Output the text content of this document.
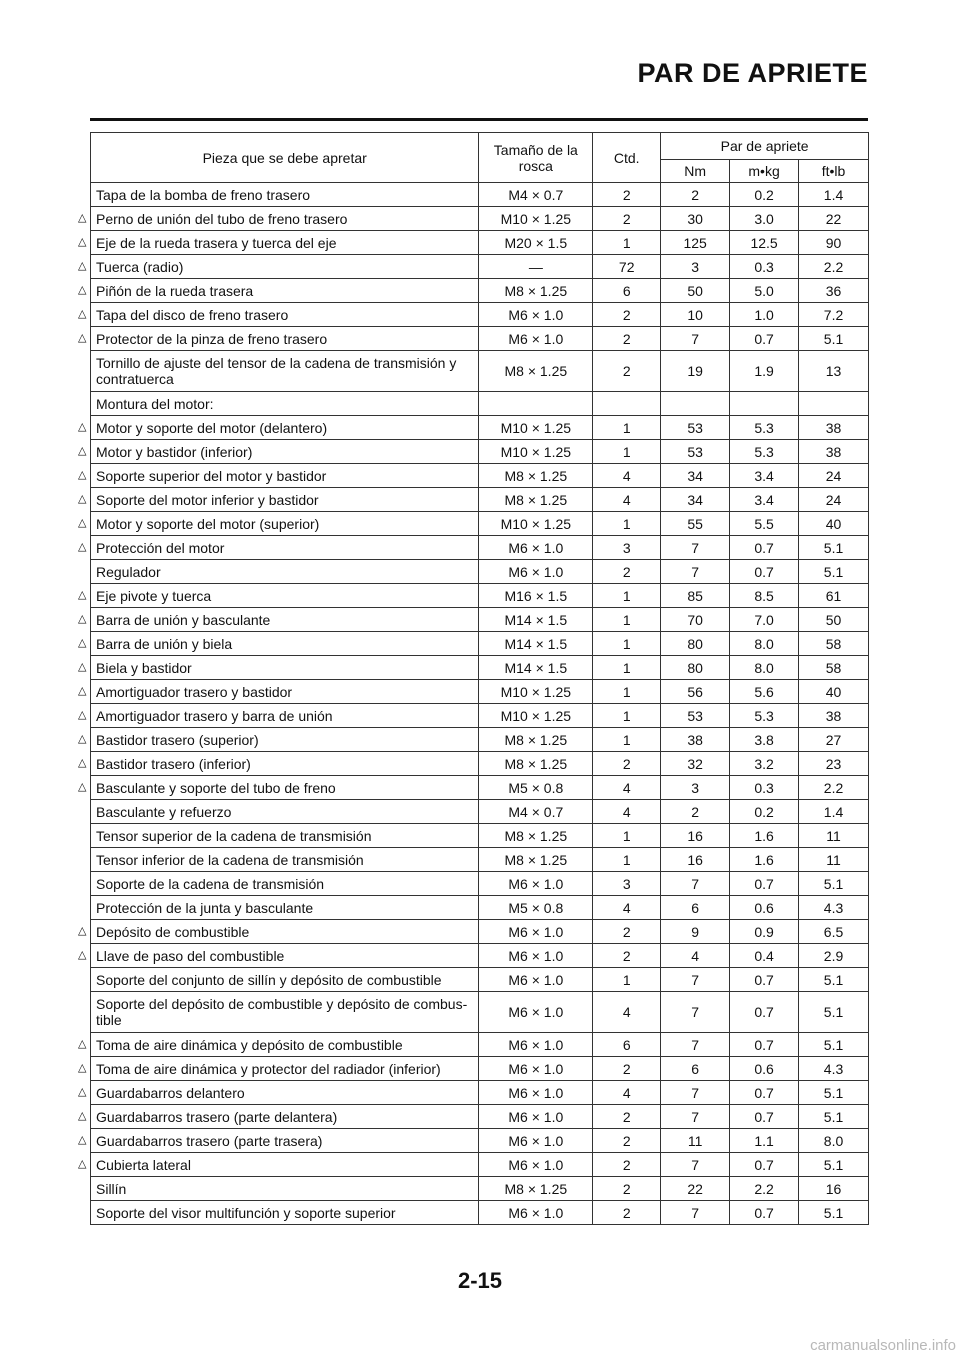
PAR DE APRIETE
Pieza que se debe apretar	Tamaño de la rosca	Ctd.	Par de apriete		
			Nm	m•kg	ft•lb
Tapa de la bomba de freno trasero	M4 × 0.7	2	2	0.2	1.4

△ Perno de unión del tubo de freno trasero	M10 × 1.25	2	30	3.0	22

△ Eje de la rueda trasera y tuerca del eje	M20 × 1.5	1	125	12.5	90

△ Tuerca (radio)	—	72	3	0.3	2.2

△ Piñón de la rueda trasera	M8 × 1.25	6	50	5.0	36

△ Tapa del disco de freno trasero	M6 × 1.0	2	10	1.0	7.2

△ Protector de la pinza de freno trasero	M6 × 1.0	2	7	0.7	5.1
Tornillo de ajuste del tensor de la cadena de transmisión y contratuerca	M8 × 1.25	2	19	1.9	13
Montura del motor:					

△ Motor y soporte del motor (delantero)	M10 × 1.25	1	53	5.3	38

△ Motor y bastidor (inferior)	M10 × 1.25	1	53	5.3	38

△ Soporte superior del motor y bastidor	M8 × 1.25	4	34	3.4	24

△ Soporte del motor inferior y bastidor	M8 × 1.25	4	34	3.4	24

△ Motor y soporte del motor (superior)	M10 × 1.25	1	55	5.5	40

△ Protección del motor	M6 × 1.0	3	7	0.7	5.1
Regulador	M6 × 1.0	2	7	0.7	5.1

△ Eje pivote y tuerca	M16 × 1.5	1	85	8.5	61

△ Barra de unión y basculante	M14 × 1.5	1	70	7.0	50

△ Barra de unión y biela	M14 × 1.5	1	80	8.0	58

△ Biela y bastidor	M14 × 1.5	1	80	8.0	58

△ Amortiguador trasero y bastidor	M10 × 1.25	1	56	5.6	40

△ Amortiguador trasero y barra de unión	M10 × 1.25	1	53	5.3	38

△ Bastidor trasero (superior)	M8 × 1.25	1	38	3.8	27

△ Bastidor trasero (inferior)	M8 × 1.25	2	32	3.2	23

△ Basculante y soporte del tubo de freno	M5 × 0.8	4	3	0.3	2.2
Basculante y refuerzo	M4 × 0.7	4	2	0.2	1.4
Tensor superior de la cadena de transmisión	M8 × 1.25	1	16	1.6	11
Tensor inferior de la cadena de transmisión	M8 × 1.25	1	16	1.6	11
Soporte de la cadena de transmisión	M6 × 1.0	3	7	0.7	5.1
Protección de la junta y basculante	M5 × 0.8	4	6	0.6	4.3

△ Depósito de combustible	M6 × 1.0	2	9	0.9	6.5

△ Llave de paso del combustible	M6 × 1.0	2	4	0.4	2.9
Soporte del conjunto de sillín y depósito de combustible	M6 × 1.0	1	7	0.7	5.1
Soporte del depósito de combustible y depósito de combus-tible	M6 × 1.0	4	7	0.7	5.1

△ Toma de aire dinámica y depósito de combustible	M6 × 1.0	6	7	0.7	5.1

△ Toma de aire dinámica y protector del radiador (inferior)	M6 × 1.0	2	6	0.6	4.3

△ Guardabarros delantero	M6 × 1.0	4	7	0.7	5.1

△ Guardabarros trasero (parte delantera)	M6 × 1.0	2	7	0.7	5.1

△ Guardabarros trasero (parte trasera)	M6 × 1.0	2	11	1.1	8.0

△ Cubierta lateral	M6 × 1.0	2	7	0.7	5.1
Sillín	M8 × 1.25	2	22	2.2	16
Soporte del visor multifunción y soporte superior	M6 × 1.0	2	7	0.7	5.1
2-15
carmanualsonline.info
